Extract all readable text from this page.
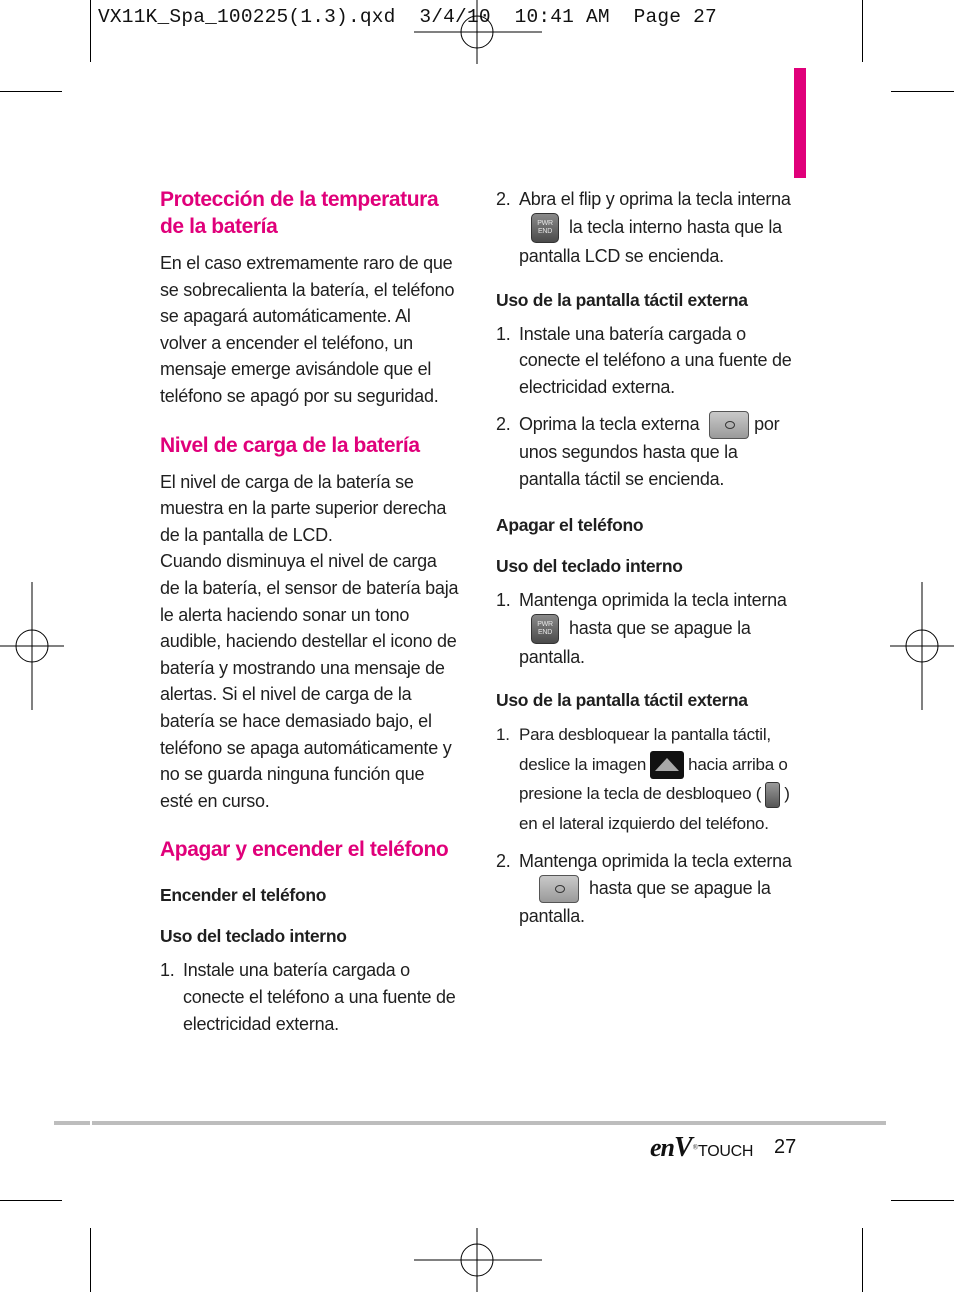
VX11K_Spa_100225(1.3).qxd  3/4/10  10:41 AM  Page 27
Protección de la temperatura de la batería

En el caso extremamente raro de que se sobrecalienta la batería, el teléfono se apagará automáticamente. Al volver a encender el teléfono, un mensaje emerge avisándole que el teléfono se apagó por su seguridad.

Nivel de carga de la batería

El nivel de carga de la batería se muestra en la parte superior derecha de la pantalla de LCD.

Cuando disminuya el nivel de carga de la batería, el sensor de batería baja le alerta haciendo sonar un tono audible, haciendo destellar el icono de batería y mostrando una mensaje de alertas. Si el nivel de carga de la batería se hace demasiado bajo, el teléfono se apaga automáticamente y no se guarda ninguna función que esté en curso.

Apagar y encender el teléfono
Encender el teléfono
Uso del teclado interno
1. Instale una batería cargada o conecte el teléfono a una fuente de electricidad externa.
2. Abra el flip y oprima la tecla interna
PWR
END la tecla interno hasta que la pantalla LCD se encienda.
Uso de la pantalla táctil externa
1. Instale una batería cargada o conecte el teléfono a una fuente de electricidad externa.
2. Oprima la tecla externa	por unos segundos hasta que la pantalla táctil se encienda.
Apagar el teléfono
Uso del teclado interno
1. Mantenga oprimida la tecla interna
PWR
END hasta que se apague la pantalla.
Uso de la pantalla táctil externa
1. Para desbloquear la pantalla táctil, deslice la imagen hacia arriba o presione la tecla de desbloqueo ( ) en el lateral izquierdo del teléfono.
2. Mantenga oprimida la tecla externahasta que se apague la pantalla.
enV®TOUCH 27
